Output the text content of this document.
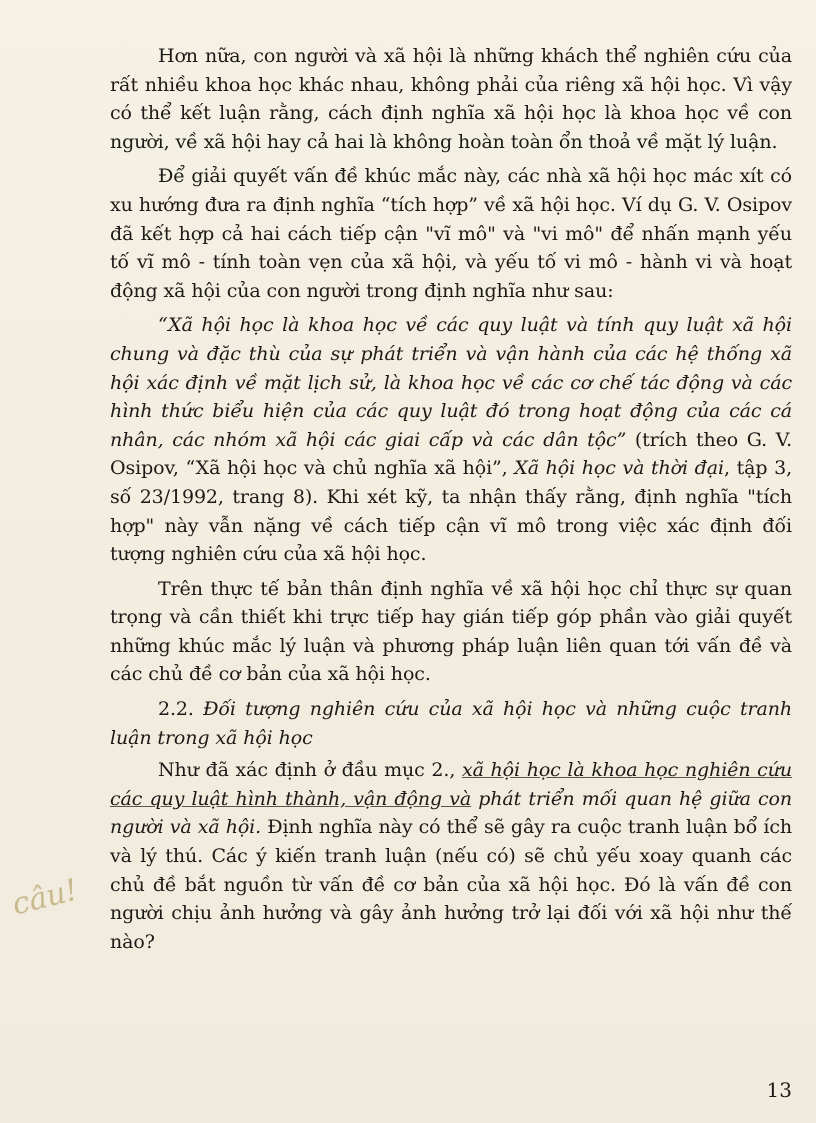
Hơn nữa, con người và xã hội là những khách thể nghiên cứu của rất nhiều khoa học khác nhau, không phải của riêng xã hội học. Vì vậy có thể kết luận rằng, cách định nghĩa xã hội học là khoa học về con người, về xã hội hay cả hai là không hoàn toàn ổn thoả về mặt lý luận.

Để giải quyết vấn đề khúc mắc này, các nhà xã hội học mác xít có xu hướng đưa ra định nghĩa “tích hợp” về xã hội học. Ví dụ G. V. Osipov đã kết hợp cả hai cách tiếp cận "vĩ mô" và "vi mô" để nhấn mạnh yếu tố vĩ mô - tính toàn vẹn của xã hội, và yếu tố vi mô - hành vi và hoạt động xã hội của con người trong định nghĩa như sau:

“Xã hội học là khoa học về các quy luật và tính quy luật xã hội chung và đặc thù của sự phát triển và vận hành của các hệ thống xã hội xác định về mặt lịch sử, là khoa học về các cơ chế tác động và các hình thức biểu hiện của các quy luật đó trong hoạt động của các cá nhân, các nhóm xã hội các giai cấp và các dân tộc” (trích theo G. V. Osipov, “Xã hội học và chủ nghĩa xã hội”, Xã hội học và thời đại, tập 3, số 23/1992, trang 8). Khi xét kỹ, ta nhận thấy rằng, định nghĩa "tích hợp" này vẫn nặng về cách tiếp cận vĩ mô trong việc xác định đối tượng nghiên cứu của xã hội học.

Trên thực tế bản thân định nghĩa về xã hội học chỉ thực sự quan trọng và cần thiết khi trực tiếp hay gián tiếp góp phần vào giải quyết những khúc mắc lý luận và phương pháp luận liên quan tới vấn đề và các chủ đề cơ bản của xã hội học.

2.2. Đối tượng nghiên cứu của xã hội học và những cuộc tranh luận trong xã hội học

Như đã xác định ở đầu mục 2., xã hội học là khoa học nghiên cứu các quy luật hình thành, vận động và phát triển mối quan hệ giữa con người và xã hội. Định nghĩa này có thể sẽ gây ra cuộc tranh luận bổ ích và lý thú. Các ý kiến tranh luận (nếu có) sẽ chủ yếu xoay quanh các chủ đề bắt nguồn từ vấn đề cơ bản của xã hội học. Đó là vấn đề con người chịu ảnh hưởng và gây ảnh hưởng trở lại đối với xã hội như thế nào?

câu!
13
